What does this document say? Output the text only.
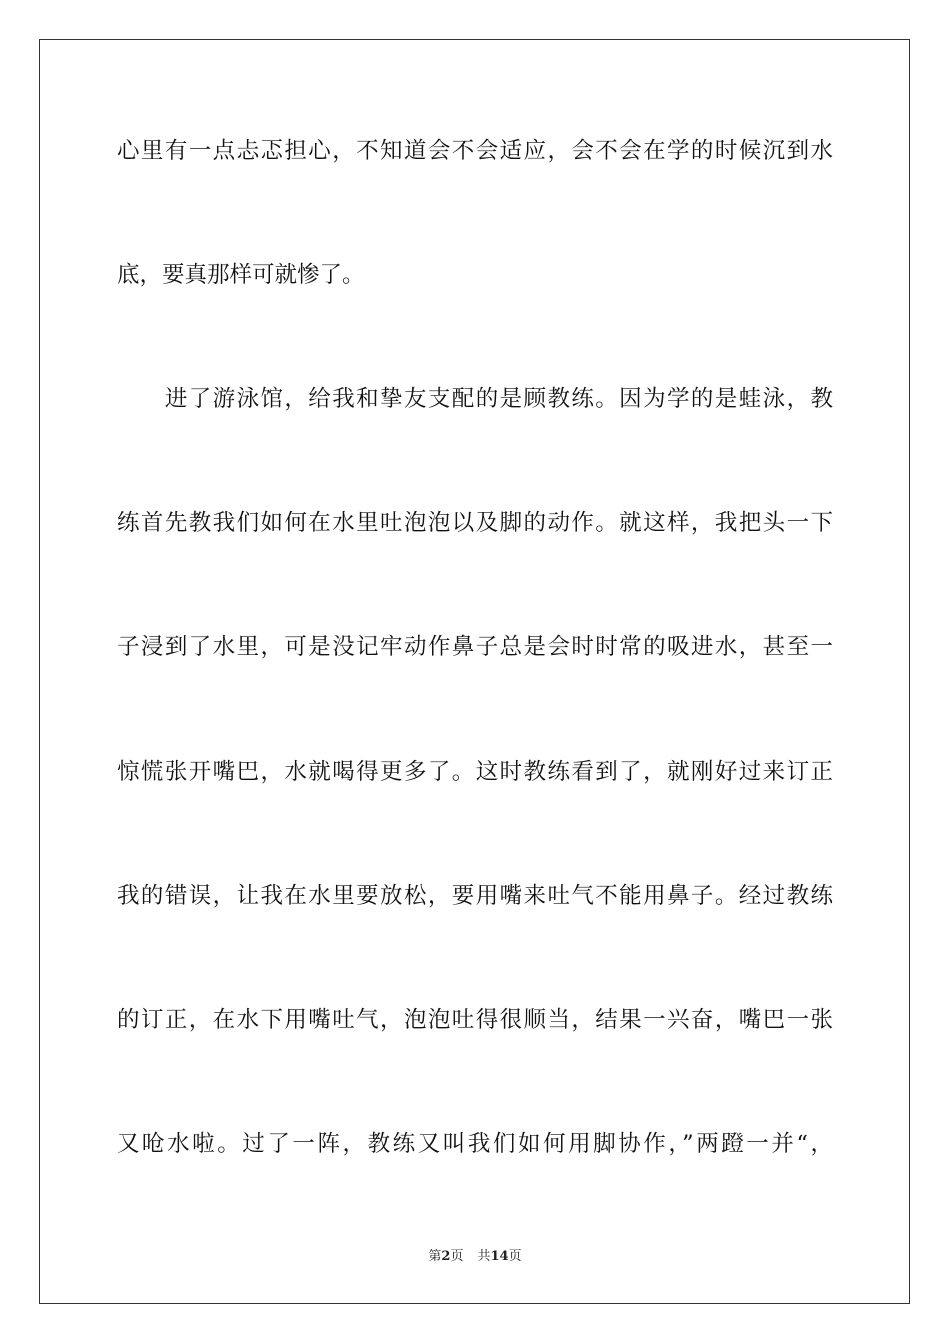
心里有一点忐忑担心，不知道会不会适应，会不会在学的时候沉到水
底，要真那样可就惨了。
　　进了游泳馆，给我和挚友支配的是顾教练。因为学的是蛙泳，教
练首先教我们如何在水里吐泡泡以及脚的动作。就这样，我把头一下
子浸到了水里，可是没记牢动作鼻子总是会时时常的吸进水，甚至一
惊慌张开嘴巴，水就喝得更多了。这时教练看到了，就刚好过来订正
我的错误，让我在水里要放松，要用嘴来吐气不能用鼻子。经过教练
的订正，在水下用嘴吐气，泡泡吐得很顺当，结果一兴奋，嘴巴一张
又呛水啦。过了一阵，教练又叫我们如何用脚协作，”两蹬一并“，
第2页 共14页
